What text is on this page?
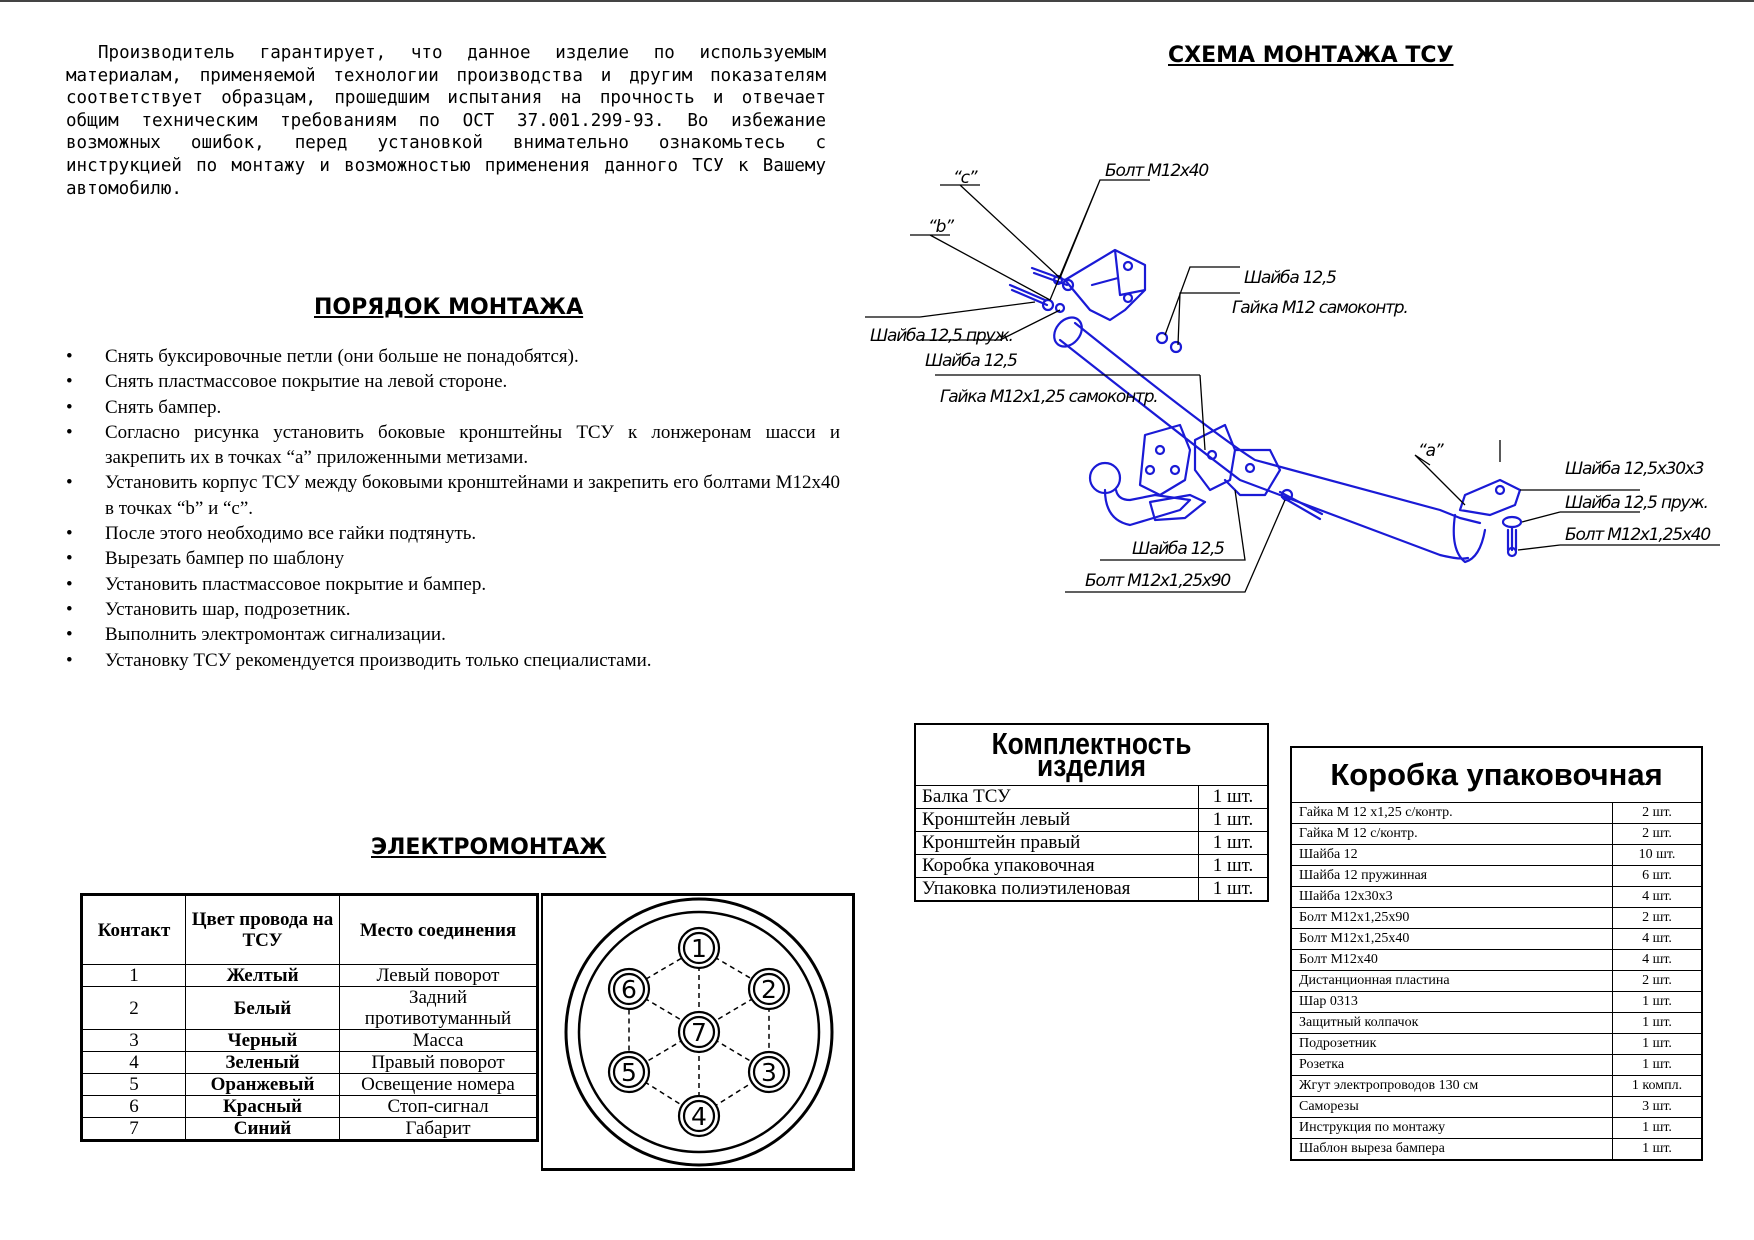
Производитель гарантирует, что данное изделие по используемым материалам, применяемой технологии производства и другим показателям соответствует образцам, прошедшим испытания на прочность и отвечает общим техническим требованиям по ОСТ 37.001.299-93. Во избежание возможных ошибок, перед установкой внимательно ознакомьтесь с инструкцией по монтажу и возможностью применения данного ТСУ к Вашему автомобилю.
СХЕМА МОНТАЖА ТСУ
ПОРЯДОК МОНТАЖА
• Снять буксировочные петли (они больше не понадобятся).
• Снять пластмассовое покрытие на левой стороне.
• Снять бампер.
• Согласно рисунка установить боковые кронштейны ТСУ к лонжеронам шасси и закрепить их в точках “a” приложенными метизами.
• Установить корпус ТСУ между боковыми кронштейнами и закрепить его болтами М12х40 в точках “b” и “c”.
• После этого необходимо все гайки подтянуть.
• Вырезать бампер по шаблону
• Установить пластмассовое покрытие и бампер.
• Установить шар, подрозетник.
• Выполнить электромонтаж сигнализации.
• Установку ТСУ рекомендуется производить только специалистами.
ЭЛЕКТРОМОНТАЖ
Контакт	Цвет провода на ТСУ	Место соединения
1	Желтый	Левый поворот
2	Белый	Задний противотуманный
3	Черный	Масса
4	Зеленый	Правый поворот
5	Оранжевый	Освещение номера
6	Красный	Стоп-сигнал
7	Синий	Габарит
1
2
3
4
5
6
7
“c”
“b”
Болт М12х40
Шайба 12,5
Гайка М12 самоконтр.
Шайба 12,5 пруж.
Шайба 12,5
Гайка М12х1,25 самоконтр.
“a”
Шайба 12,5х30х3
Шайба 12,5 пруж.
Болт М12х1,25х40
Шайба 12,5
Болт М12х1,25х90
Комплектность изделия	
Балка ТСУ	1 шт.
Кронштейн левый	1 шт.
Кронштейн правый	1 шт.
Коробка упаковочная	1 шт.
Упаковка полиэтиленовая	1 шт.
Коробка упаковочная	
Гайка М 12 х1,25 с/контр.	2 шт.
Гайка М 12 с/контр.	2 шт.
Шайба 12	10 шт.
Шайба 12 пружинная	6 шт.
Шайба 12х30х3	4 шт.
Болт М12х1,25х90	2 шт.
Болт М12х1,25х40	4 шт.
Болт М12х40	4 шт.
Дистанционная пластина	2 шт.
Шар 0313	1 шт.
Защитный колпачок	1 шт.
Подрозетник	1 шт.
Розетка	1 шт.
Жгут электропроводов 130 см	1 компл.
Саморезы	3 шт.
Инструкция по монтажу	1 шт.
Шаблон выреза бампера	1 шт.
